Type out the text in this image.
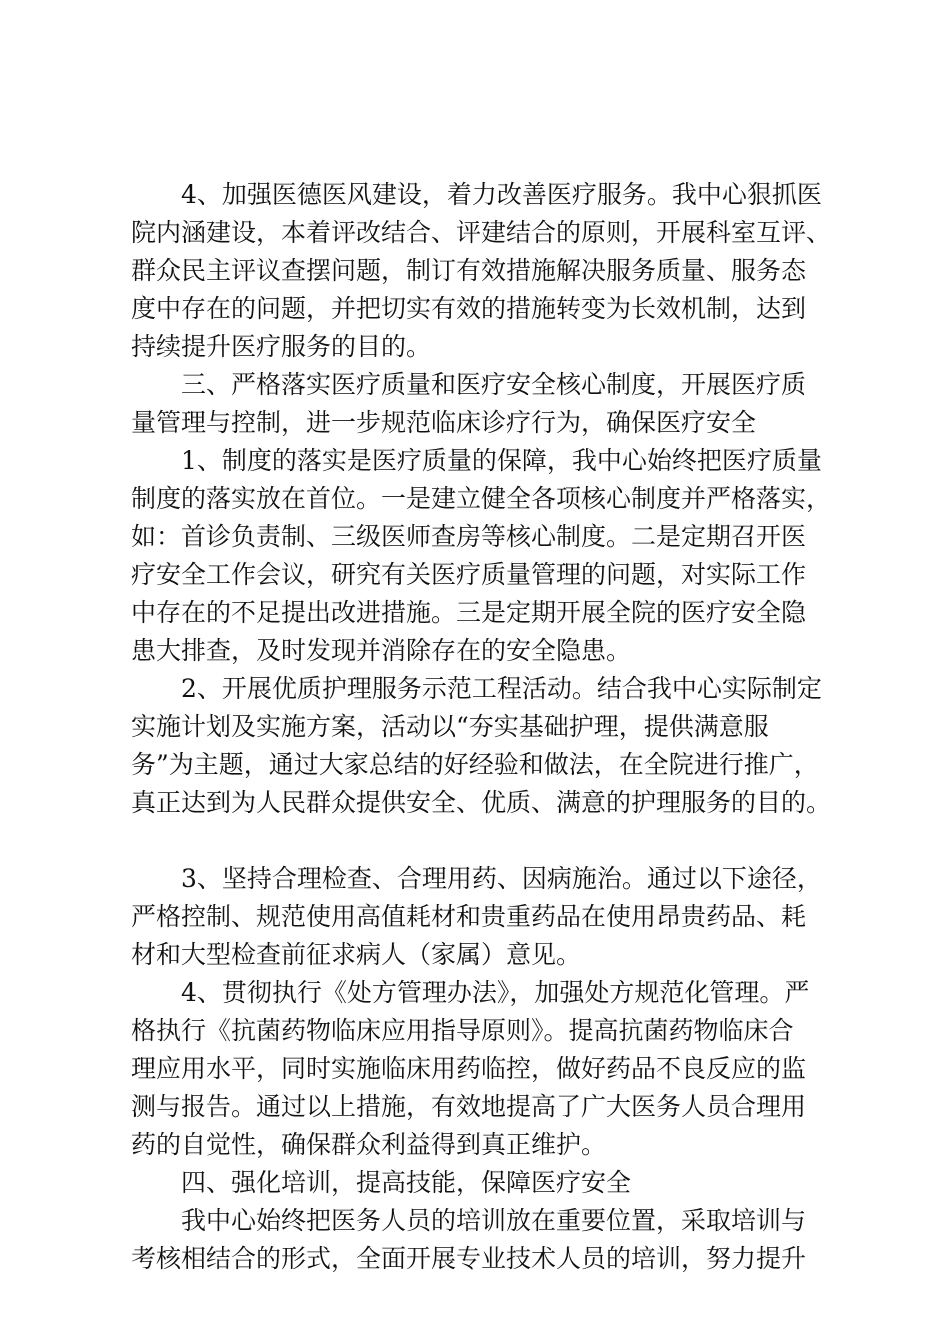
　　4、加强医德医风建设，着力改善医疗服务。我中心狠抓医
院内涵建设，本着评改结合、评建结合的原则，开展科室互评、
群众民主评议查摆问题，制订有效措施解决服务质量、服务态
度中存在的问题，并把切实有效的措施转变为长效机制，达到
持续提升医疗服务的目的。
　　三、严格落实医疗质量和医疗安全核心制度，开展医疗质
量管理与控制，进一步规范临床诊疗行为，确保医疗安全
　　1、制度的落实是医疗质量的保障，我中心始终把医疗质量
制度的落实放在首位。一是建立健全各项核心制度并严格落实，
如：首诊负责制、三级医师查房等核心制度。二是定期召开医
疗安全工作会议，研究有关医疗质量管理的问题，对实际工作
中存在的不足提出改进措施。三是定期开展全院的医疗安全隐
患大排查，及时发现并消除存在的安全隐患。
　　2、开展优质护理服务示范工程活动。结合我中心实际制定
实施计划及实施方案，活动以“夯实基础护理，提供满意服
务”为主题，通过大家总结的好经验和做法，在全院进行推广，
真正达到为人民群众提供安全、优质、满意的护理服务的目的。
　　3、坚持合理检查、合理用药、因病施治。通过以下途径，
严格控制、规范使用高值耗材和贵重药品在使用昂贵药品、耗
材和大型检查前征求病人（家属）意见。
　　4、贯彻执行《处方管理办法》，加强处方规范化管理。严
格执行《抗菌药物临床应用指导原则》。提高抗菌药物临床合
理应用水平，同时实施临床用药临控，做好药品不良反应的监
测与报告。通过以上措施，有效地提高了广大医务人员合理用
药的自觉性，确保群众利益得到真正维护。
　　四、强化培训，提高技能，保障医疗安全
　　我中心始终把医务人员的培训放在重要位置，采取培训与
考核相结合的形式，全面开展专业技术人员的培训，努力提升
